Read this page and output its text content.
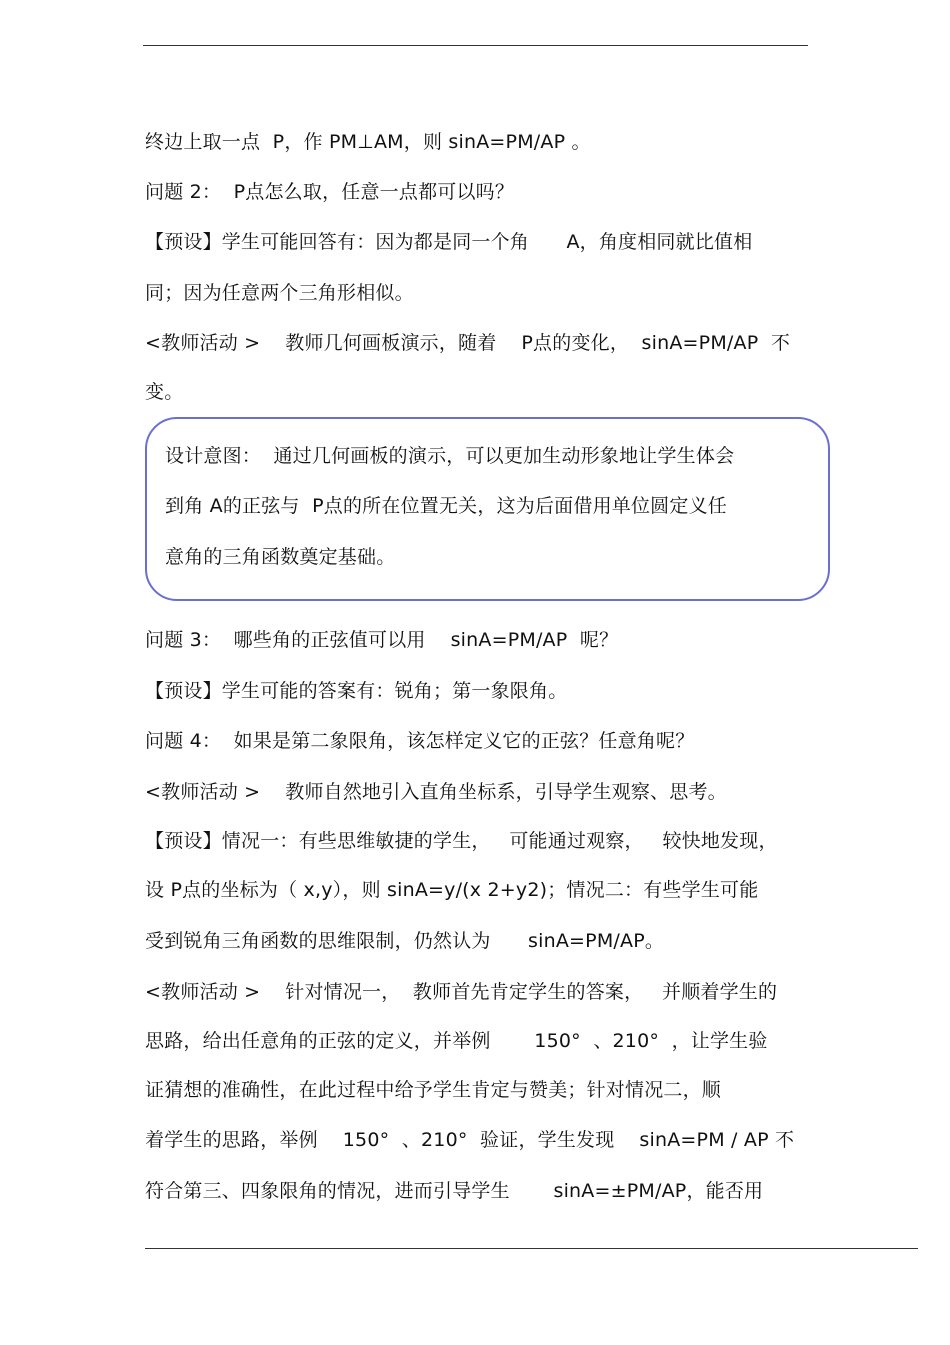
终边上取一点  P，作 PM⊥AM，则 sinA=PM/AP 。
问题 2：  P点怎么取，任意一点都可以吗？
【预设】学生可能回答有：因为都是同一个角      A，角度相同就比值相
同；因为任意两个三角形相似。
<教师活动 >    教师几何画板演示，随着    P点的变化，  sinA=PM/AP  不
变。
设计意图：  通过几何画板的演示，可以更加生动形象地让学生体会
到角 A的正弦与  P点的所在位置无关，这为后面借用单位圆定义任
意角的三角函数奠定基础。
问题 3：  哪些角的正弦值可以用    sinA=PM/AP  呢？
【预设】学生可能的答案有：锐角；第一象限角。
问题 4：  如果是第二象限角，该怎样定义它的正弦？任意角呢？
<教师活动 >    教师自然地引入直角坐标系，引导学生观察、思考。
【预设】情况一：有些思维敏捷的学生，   可能通过观察，   较快地发现，
设 P点的坐标为（ x,y），则 sinA=y/(x 2+y2)；情况二：有些学生可能
受到锐角三角函数的思维限制，仍然认为      sinA=PM/AP。
<教师活动 >    针对情况一，  教师首先肯定学生的答案，   并顺着学生的
思路，给出任意角的正弦的定义，并举例       150°  、210°  ，让学生验
证猜想的准确性，在此过程中给予学生肯定与赞美；针对情况二，顺
着学生的思路，举例    150°  、210°  验证，学生发现    sinA=PM / AP 不
符合第三、四象限角的情况，进而引导学生       sinA=±PM/AP，能否用
